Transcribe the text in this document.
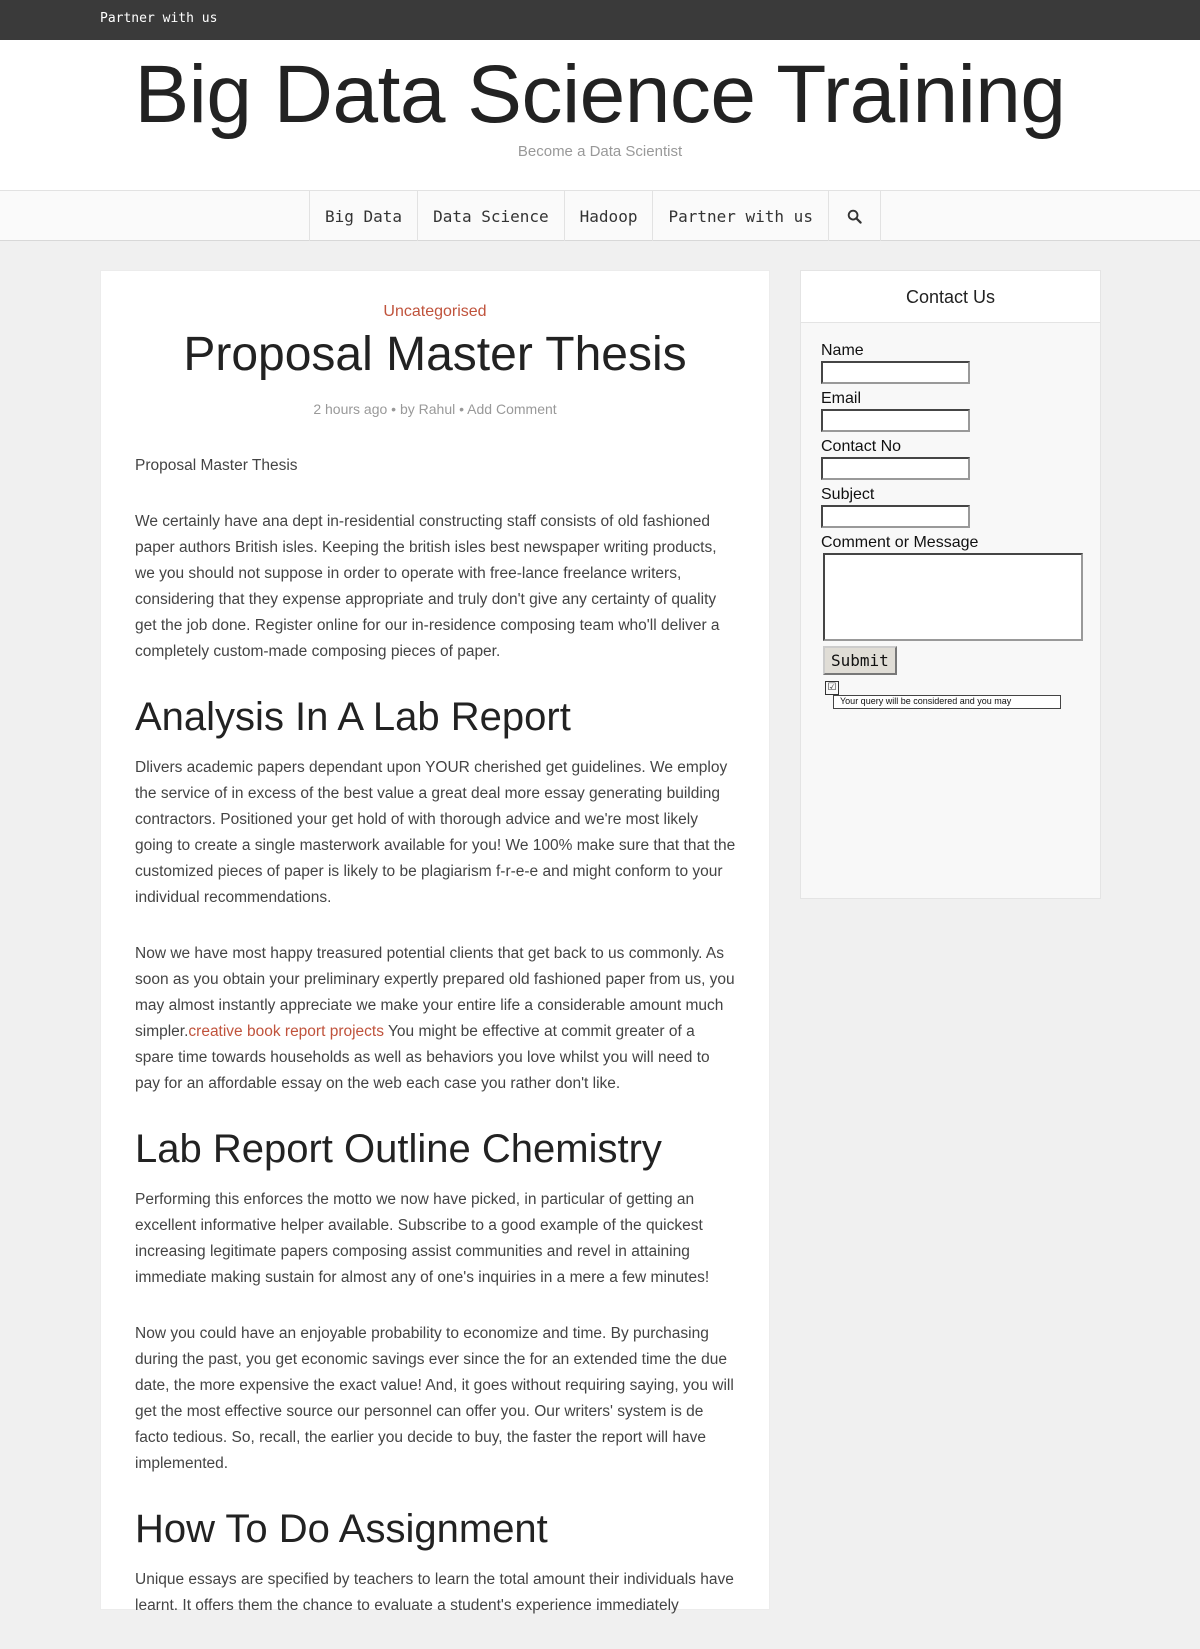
Partner with us
Big Data Science Training
Become a Data Scientist
Big Data	Data Science	Hadoop	Partner with us
Uncategorised
Proposal Master Thesis
2 hours ago • by Rahul • Add Comment

Proposal Master Thesis

We certainly have ana dept in-residential constructing staff consists of old fashioned paper authors British isles. Keeping the british isles best newspaper writing products, we you should not suppose in order to operate with free-lance freelance writers, considering that they expense appropriate and truly don't give any certainty of quality get the job done. Register online for our in-residence composing team who'll deliver a completely custom-made composing pieces of paper.

Analysis In A Lab Report

Dlivers academic papers dependant upon YOUR cherished get guidelines. We employ the service of in excess of the best value a great deal more essay generating building contractors. Positioned your get hold of with thorough advice and we're most likely going to create a single masterwork available for you! We 100% make sure that that the customized pieces of paper is likely to be plagiarism f-r-e-e and might conform to your individual recommendations.

Now we have most happy treasured potential clients that get back to us commonly. As soon as you obtain your preliminary expertly prepared old fashioned paper from us, you may almost instantly appreciate we make your entire life a considerable amount much simpler.creative book report projects You might be effective at commit greater of a spare time towards households as well as behaviors you love whilst you will need to pay for an affordable essay on the web each case you rather don't like.

Lab Report Outline Chemistry

Performing this enforces the motto we now have picked, in particular of getting an excellent informative helper available. Subscribe to a good example of the quickest increasing legitimate papers composing assist communities and revel in attaining immediate making sustain for almost any of one's inquiries in a mere a few minutes!

Now you could have an enjoyable probability to economize and time. By purchasing during the past, you get economic savings ever since the for an extended time the due date, the more expensive the exact value! And, it goes without requiring saying, you will get the most effective source our personnel can offer you. Our writers' system is de facto tedious. So, recall, the earlier you decide to buy, the faster the report will have implemented.

How To Do Assignment

Unique essays are specified by teachers to learn the total amount their individuals have learnt. It offers them the chance to evaluate a student's experience immediately

Contact Us
Name
Email
Contact No
Subject
Comment or Message
Submit
☑
Your query will be considered and you may
